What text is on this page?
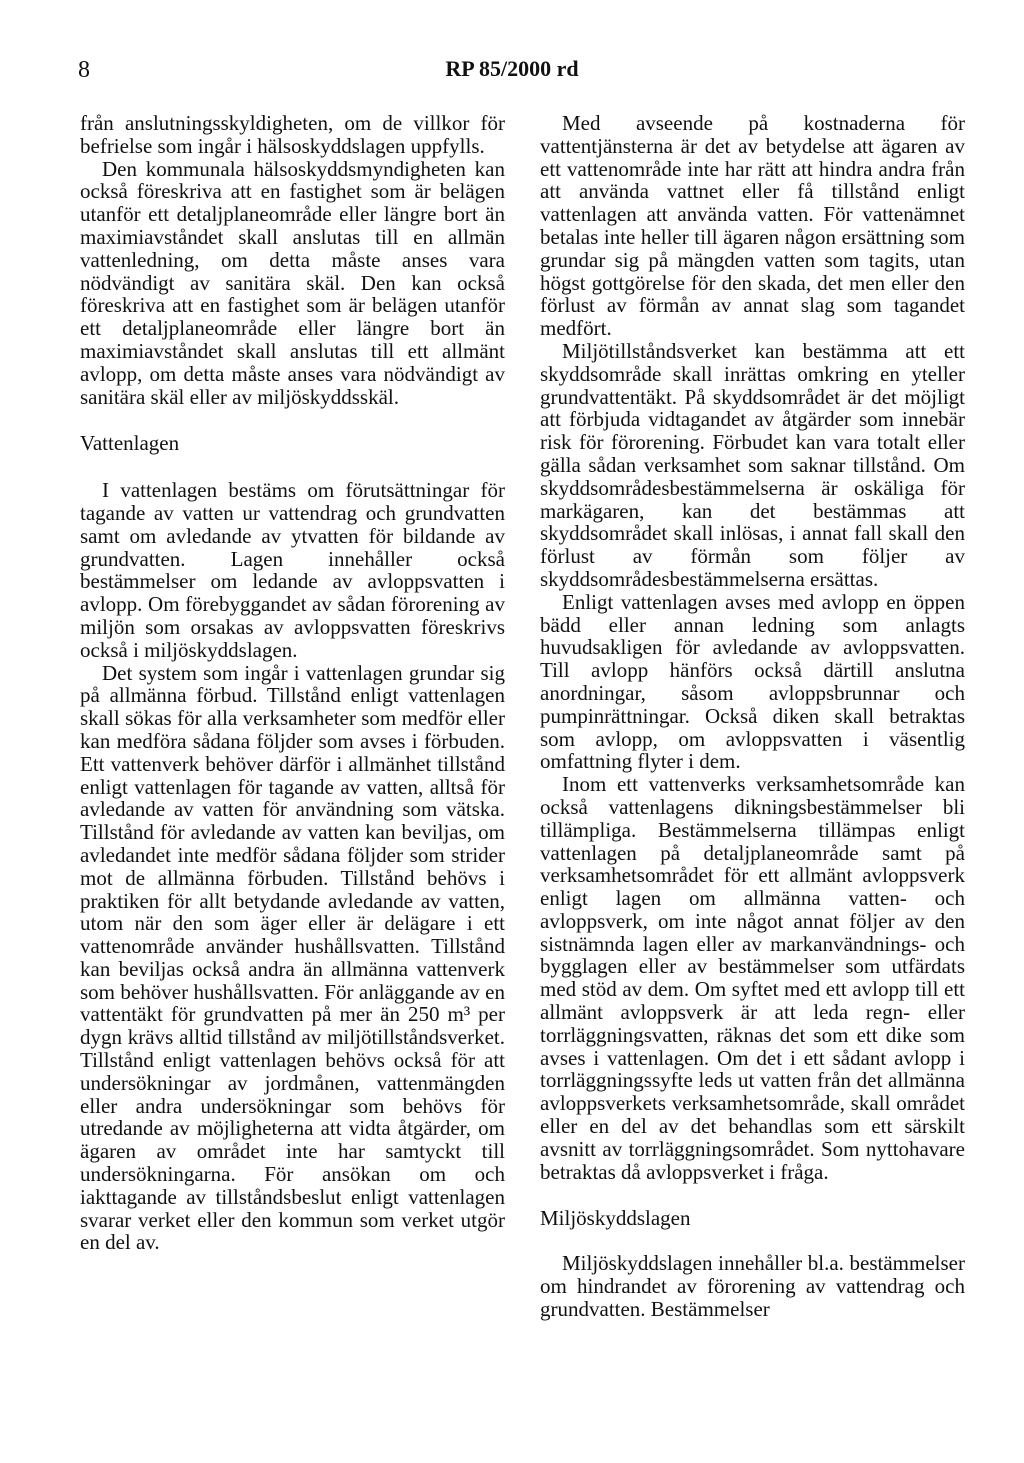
8	RP 85/2000 rd

från anslutningsskyldigheten, om de villkor för befrielse som ingår i hälsoskyddslagen uppfylls.

Den kommunala hälsoskyddsmyndigheten kan också föreskriva att en fastighet som är belägen utanför ett detaljplaneområde eller längre bort än maximiavståndet skall anslutas till en allmän vattenledning, om detta måste anses vara nödvändigt av sanitära skäl. Den kan också föreskriva att en fastighet som är belägen utanför ett detaljplaneområde eller längre bort än maximiavståndet skall anslutas till ett allmänt avlopp, om detta måste anses vara nödvändigt av sanitära skäl eller av miljöskyddsskäl.

Vattenlagen

I vattenlagen bestäms om förutsättningar för tagande av vatten ur vattendrag och grundvatten samt om avledande av ytvatten för bildande av grundvatten. Lagen innehåller också bestämmelser om ledande av avloppsvatten i avlopp. Om förebyggandet av sådan förorening av miljön som orsakas av avloppsvatten föreskrivs också i miljöskyddslagen.

Det system som ingår i vattenlagen grundar sig på allmänna förbud. Tillstånd enligt vattenlagen skall sökas för alla verksamheter som medför eller kan medföra sådana följder som avses i förbuden. Ett vattenverk behöver därför i allmänhet tillstånd enligt vattenlagen för tagande av vatten, alltså för avledande av vatten för användning som vätska. Tillstånd för avledande av vatten kan beviljas, om avledandet inte medför sådana följder som strider mot de allmänna förbuden. Tillstånd behövs i praktiken för allt betydande avledande av vatten, utom när den som äger eller är delägare i ett vattenområde använder hushållsvatten. Tillstånd kan beviljas också andra än allmänna vattenverk som behöver hushållsvatten. För anläggande av en vattentäkt för grundvatten på mer än 250 m³ per dygn krävs alltid tillstånd av miljötillståndsverket. Tillstånd enligt vattenlagen behövs också för att undersökningar av jordmånen, vattenmängden eller andra undersökningar som behövs för utredande av möjligheterna att vidta åtgärder, om ägaren av området inte har samtyckt till undersökningarna. För ansökan om och iakttagande av tillståndsbeslut enligt vattenlagen svarar verket eller den kommun som verket utgör en del av.

Med avseende på kostnaderna för vattentjänsterna är det av betydelse att ägaren av ett vattenområde inte har rätt att hindra andra från att använda vattnet eller få tillstånd enligt vattenlagen att använda vatten. För vattenämnet betalas inte heller till ägaren någon ersättning som grundar sig på mängden vatten som tagits, utan högst gottgörelse för den skada, det men eller den förlust av förmån av annat slag som tagandet medfört.

Miljötillståndsverket kan bestämma att ett skyddsområde skall inrättas omkring en yteller grundvattentäkt. På skyddsområdet är det möjligt att förbjuda vidtagandet av åtgärder som innebär risk för förorening. Förbudet kan vara totalt eller gälla sådan verksamhet som saknar tillstånd. Om skyddsområdesbestämmelserna är oskäliga för markägaren, kan det bestämmas att skyddsområdet skall inlösas, i annat fall skall den förlust av förmån som följer av skyddsområdesbestämmelserna ersättas.

Enligt vattenlagen avses med avlopp en öppen bädd eller annan ledning som anlagts huvudsakligen för avledande av avloppsvatten. Till avlopp hänförs också därtill anslutna anordningar, såsom avloppsbrunnar och pumpinrättningar. Också diken skall betraktas som avlopp, om avloppsvatten i väsentlig omfattning flyter i dem.

Inom ett vattenverks verksamhetsområde kan också vattenlagens dikningsbestämmelser bli tillämpliga. Bestämmelserna tillämpas enligt vattenlagen på detaljplaneområde samt på verksamhetsområdet för ett allmänt avloppsverk enligt lagen om allmänna vatten- och avloppsverk, om inte något annat följer av den sistnämnda lagen eller av markanvändnings- och bygglagen eller av bestämmelser som utfärdats med stöd av dem. Om syftet med ett avlopp till ett allmänt avloppsverk är att leda regn- eller torrläggningsvatten, räknas det som ett dike som avses i vattenlagen. Om det i ett sådant avlopp i torrläggningssyfte leds ut vatten från det allmänna avloppsverkets verksamhetsområde, skall området eller en del av det behandlas som ett särskilt avsnitt av torrläggningsområdet. Som nyttohavare betraktas då avloppsverket i fråga.

Miljöskyddslagen

Miljöskyddslagen innehåller bl.a. bestämmelser om hindrandet av förorening av vattendrag och grundvatten. Bestämmelser
